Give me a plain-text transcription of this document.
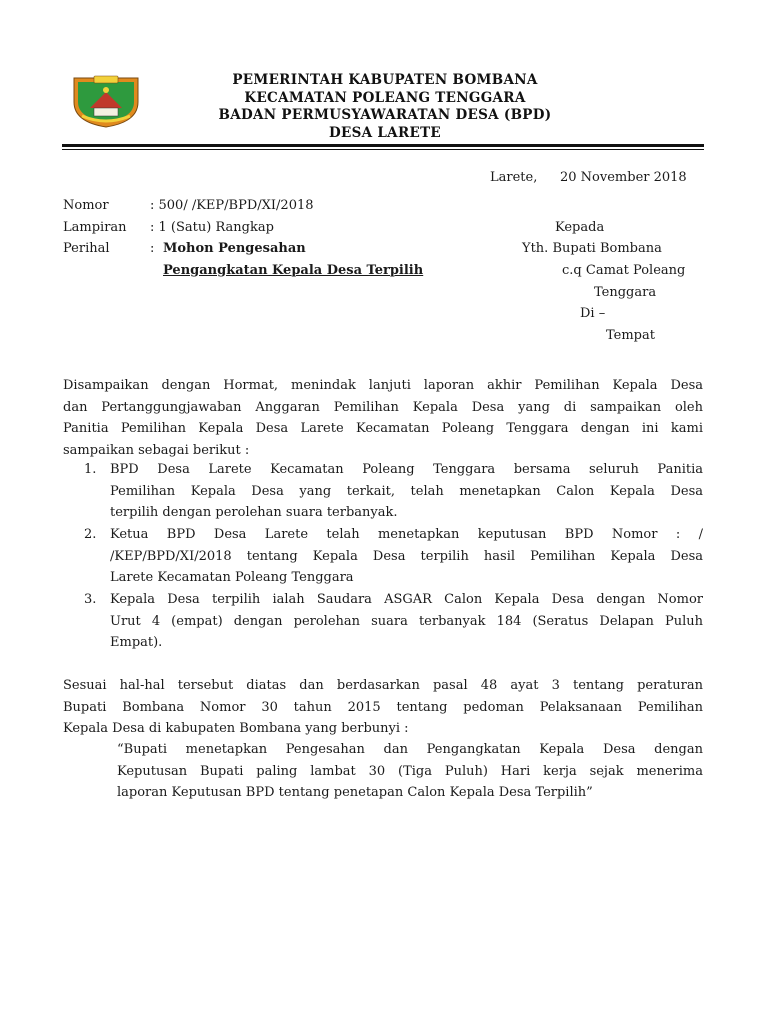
PEMERINTAH KABUPATEN BOMBANA
KECAMATAN POLEANG TENGGARA
BADAN PERMUSYAWARATAN DESA (BPD)
DESA LARETE
Larete, 20 November 2018
Nomor	: 500/ /KEP/BPD/XI/2018
Lampiran : 1 (Satu) Rangkap
Perihal	: Mohon Pengesahan
Pengangkatan Kepala Desa Terpilih
Kepada
Yth. Bupati Bombana
c.q Camat Poleang
Tenggara
Di –
Tempat
Disampaikan dengan Hormat, menindak lanjuti laporan akhir Pemilihan Kepala Desa
dan Pertanggungjawaban Anggaran Pemilihan Kepala Desa yang di sampaikan oleh
Panitia Pemilihan Kepala Desa Larete Kecamatan Poleang Tenggara dengan ini kami
sampaikan sebagai berikut :
1. BPD Desa Larete Kecamatan Poleang Tenggara bersama seluruh Panitia
Pemilihan Kepala Desa yang terkait, telah menetapkan Calon Kepala Desa
terpilih dengan perolehan suara terbanyak.
2. Ketua BPD Desa Larete telah menetapkan keputusan BPD Nomor : /
/KEP/BPD/XI/2018 tentang Kepala Desa terpilih hasil Pemilihan Kepala Desa
Larete Kecamatan Poleang Tenggara
3. Kepala Desa terpilih ialah Saudara ASGAR Calon Kepala Desa dengan Nomor
Urut 4 (empat) dengan perolehan suara terbanyak 184 (Seratus Delapan Puluh
Empat).
Sesuai hal-hal tersebut diatas dan berdasarkan pasal 48 ayat 3 tentang peraturan
Bupati Bombana Nomor 30 tahun 2015 tentang pedoman Pelaksanaan Pemilihan
Kepala Desa di kabupaten Bombana yang berbunyi :
“Bupati menetapkan Pengesahan dan Pengangkatan Kepala Desa dengan
Keputusan Bupati paling lambat 30 (Tiga Puluh) Hari kerja sejak menerima
laporan Keputusan BPD tentang penetapan Calon Kepala Desa Terpilih”
